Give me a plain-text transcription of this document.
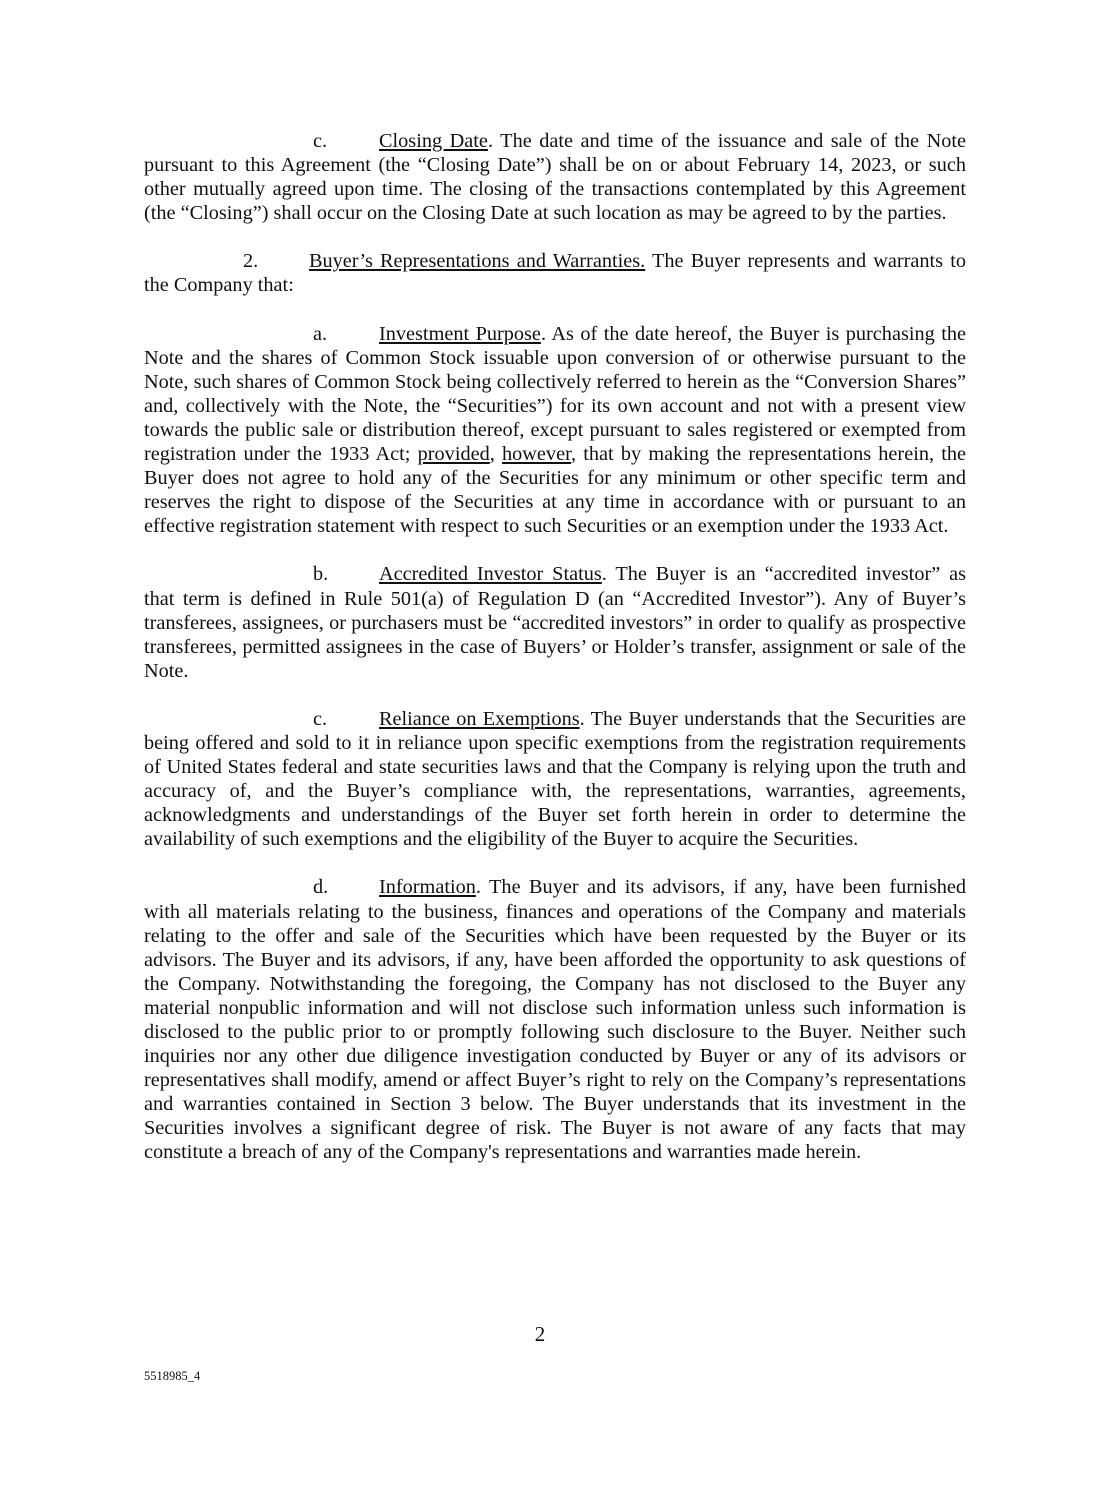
c.	Closing Date. The date and time of the issuance and sale of the Note pursuant to this Agreement (the “Closing Date”) shall be on or about February 14, 2023, or such other mutually agreed upon time. The closing of the transactions contemplated by this Agreement (the “Closing”) shall occur on the Closing Date at such location as may be agreed to by the parties.

2.	Buyer’s Representations and Warranties. The Buyer represents and warrants to the Company that:

a.	Investment Purpose. As of the date hereof, the Buyer is purchasing the Note and the shares of Common Stock issuable upon conversion of or otherwise pursuant to the Note, such shares of Common Stock being collectively referred to herein as the “Conversion Shares” and, collectively with the Note, the “Securities”) for its own account and not with a present view towards the public sale or distribution thereof, except pursuant to sales registered or exempted from registration under the 1933 Act; provided, however, that by making the representations herein, the Buyer does not agree to hold any of the Securities for any minimum or other specific term and reserves the right to dispose of the Securities at any time in accordance with or pursuant to an effective registration statement with respect to such Securities or an exemption under the 1933 Act.

b.	Accredited Investor Status. The Buyer is an “accredited investor” as that term is defined in Rule 501(a) of Regulation D (an “Accredited Investor”). Any of Buyer’s transferees, assignees, or purchasers must be “accredited investors” in order to qualify as prospective transferees, permitted assignees in the case of Buyers’ or Holder’s transfer, assignment or sale of the Note.

c.	Reliance on Exemptions. The Buyer understands that the Securities are being offered and sold to it in reliance upon specific exemptions from the registration requirements of United States federal and state securities laws and that the Company is relying upon the truth and accuracy of, and the Buyer’s compliance with, the representations, warranties, agreements, acknowledgments and understandings of the Buyer set forth herein in order to determine the availability of such exemptions and the eligibility of the Buyer to acquire the Securities.

d.	Information. The Buyer and its advisors, if any, have been furnished with all materials relating to the business, finances and operations of the Company and materials relating to the offer and sale of the Securities which have been requested by the Buyer or its advisors. The Buyer and its advisors, if any, have been afforded the opportunity to ask questions of the Company. Notwithstanding the foregoing, the Company has not disclosed to the Buyer any material nonpublic information and will not disclose such information unless such information is disclosed to the public prior to or promptly following such disclosure to the Buyer. Neither such inquiries nor any other due diligence investigation conducted by Buyer or any of its advisors or representatives shall modify, amend or affect Buyer’s right to rely on the Company’s representations and warranties contained in Section 3 below. The Buyer understands that its investment in the Securities involves a significant degree of risk. The Buyer is not aware of any facts that may constitute a breach of any of the Company's representations and warranties made herein.

2
5518985_4
